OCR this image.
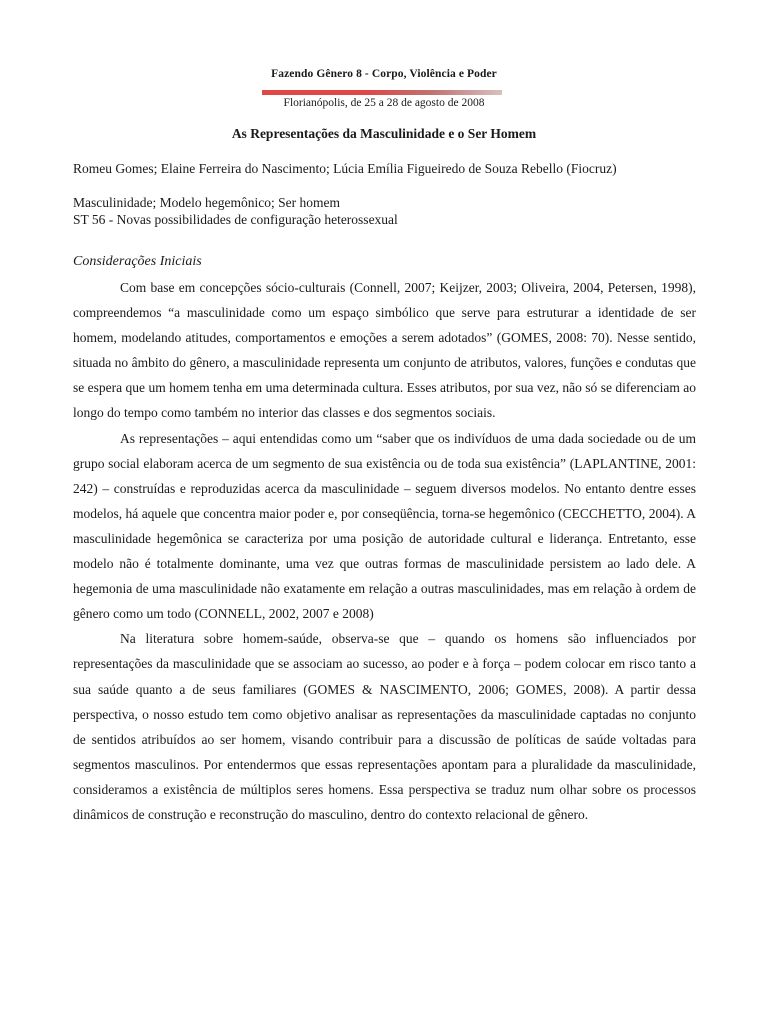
Fazendo Gênero 8 - Corpo, Violência e Poder
Florianópolis, de 25 a 28 de agosto de 2008
As Representações da Masculinidade e o Ser Homem
Romeu Gomes; Elaine Ferreira do Nascimento; Lúcia Emília Figueiredo de Souza Rebello (Fiocruz)
Masculinidade; Modelo hegemônico; Ser homem
ST 56 - Novas possibilidades de configuração heterossexual
Considerações Iniciais

Com base em concepções sócio-culturais (Connell, 2007; Keijzer, 2003; Oliveira, 2004, Petersen, 1998), compreendemos “a masculinidade como um espaço simbólico que serve para estruturar a identidade de ser homem, modelando atitudes, comportamentos e emoções a serem adotados” (GOMES, 2008: 70). Nesse sentido, situada no âmbito do gênero, a masculinidade representa um conjunto de atributos, valores, funções e condutas que se espera que um homem tenha em uma determinada cultura. Esses atributos, por sua vez, não só se diferenciam ao longo do tempo como também no interior das classes e dos segmentos sociais.

As representações – aqui entendidas como um “saber que os indivíduos de uma dada sociedade ou de um grupo social elaboram acerca de um segmento de sua existência ou de toda sua existência” (LAPLANTINE, 2001: 242) – construídas e reproduzidas acerca da masculinidade – seguem diversos modelos. No entanto dentre esses modelos, há aquele que concentra maior poder e, por conseqüência, torna-se hegemônico (CECCHETTO, 2004). A masculinidade hegemônica se caracteriza por uma posição de autoridade cultural e liderança. Entretanto, esse modelo não é totalmente dominante, uma vez que outras formas de masculinidade persistem ao lado dele. A hegemonia de uma masculinidade não exatamente em relação a outras masculinidades, mas em relação à ordem de gênero como um todo (CONNELL, 2002, 2007 e 2008)

Na literatura sobre homem-saúde, observa-se que – quando os homens são influenciados por representações da masculinidade que se associam ao sucesso, ao poder e à força – podem colocar em risco tanto a sua saúde quanto a de seus familiares (GOMES & NASCIMENTO, 2006; GOMES, 2008). A partir dessa perspectiva, o nosso estudo tem como objetivo analisar as representações da masculinidade captadas no conjunto de sentidos atribuídos ao ser homem, visando contribuir para a discussão de políticas de saúde voltadas para segmentos masculinos. Por entendermos que essas representações apontam para a pluralidade da masculinidade, consideramos a existência de múltiplos seres homens. Essa perspectiva se traduz num olhar sobre os processos dinâmicos de construção e reconstrução do masculino, dentro do contexto relacional de gênero.
